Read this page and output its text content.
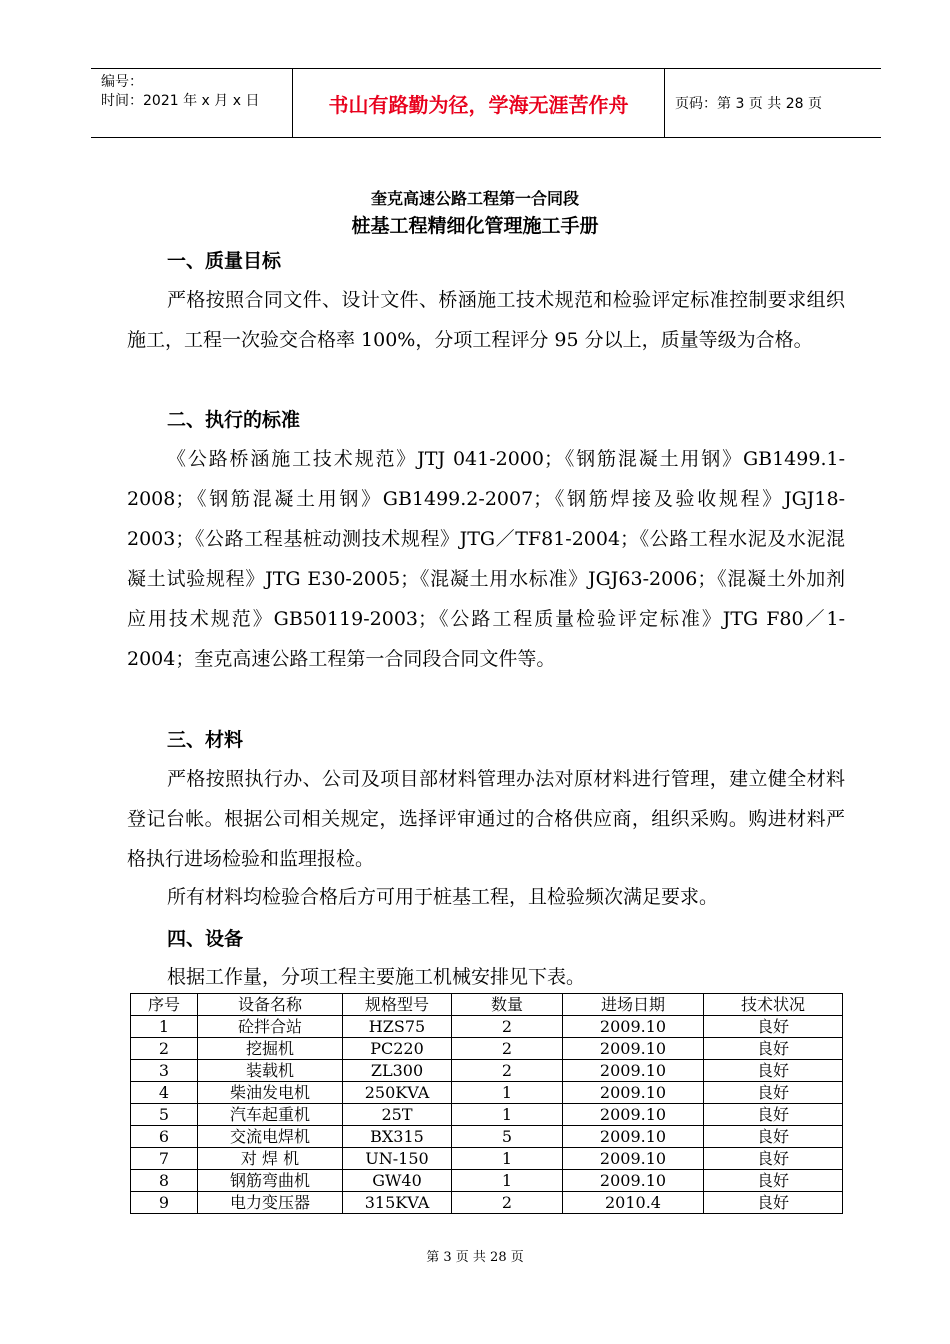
编号：
时间：2021 年 x 月 x 日	书山有路勤为径，学海无涯苦作舟	页码：第 3 页 共 28 页
奎克高速公路工程第一合同段
桩基工程精细化管理施工手册
一、质量目标

严格按照合同文件、设计文件、桥涵施工技术规范和检验评定标准控制要求组织施工，工程一次验交合格率 100%，分项工程评分 95 分以上，质量等级为合格。

二、执行的标准

《公路桥涵施工技术规范》JTJ 041-2000；《钢筋混凝土用钢》GB1499.1-2008；《钢筋混凝土用钢》GB1499.2-2007；《钢筋焊接及验收规程》JGJ18-2003；《公路工程基桩动测技术规程》JTG／TF81-2004；《公路工程水泥及水泥混凝土试验规程》JTG E30-2005；《混凝土用水标准》JGJ63-2006；《混凝土外加剂应用技术规范》GB50119-2003；《公路工程质量检验评定标准》JTG F80／1-2004；奎克高速公路工程第一合同段合同文件等。

三、材料

严格按照执行办、公司及项目部材料管理办法对原材料进行管理，建立健全材料登记台帐。根据公司相关规定，选择评审通过的合格供应商，组织采购。购进材料严格执行进场检验和监理报检。

所有材料均检验合格后方可用于桩基工程，且检验频次满足要求。

四、设备

根据工作量，分项工程主要施工机械安排见下表。

序号	设备名称	规格型号	数量	进场日期	技术状况
1	砼拌合站	HZS75	2	2009.10	良好
2	挖掘机	PC220	2	2009.10	良好
3	装载机	ZL300	2	2009.10	良好
4	柴油发电机	250KVA	1	2009.10	良好
5	汽车起重机	25T	1	2009.10	良好
6	交流电焊机	BX315	5	2009.10	良好
7	对 焊 机	UN-150	1	2009.10	良好
8	钢筋弯曲机	GW40	1	2009.10	良好
9	电力变压器	315KVA	2	2010.4	良好
第 3 页 共 28 页
